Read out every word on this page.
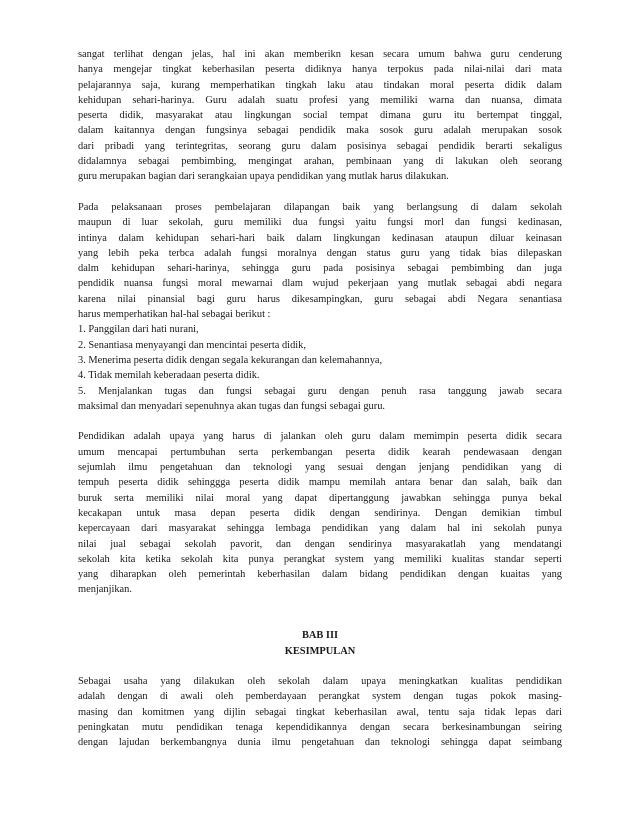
sangat terlihat dengan jelas, hal ini akan memberikn kesan secara umum bahwa guru cenderung
hanya mengejar tingkat keberhasilan peserta didiknya hanya terpokus pada nilai-nilai dari mata
pelajarannya saja, kurang memperhatikan tingkah laku atau tindakan moral peserta didik dalam
kehidupan sehari-harinya. Guru adalah suatu profesi yang memiliki warna dan nuansa, dimata
peserta didik, masyarakat atau lingkungan social tempat dimana guru itu bertempat tinggal,
dalam kaitannya dengan fungsinya sebagai pendidik maka sosok guru adalah merupakan sosok
dari pribadi yang terintegritas, seorang guru dalam posisinya sebagai pendidik berarti sekaligus
didalamnya sebagai pembimbing, mengingat arahan, pembinaan yang di lakukan oleh seorang
guru merupakan bagian dari serangkaian upaya pendidikan yang mutlak harus dilakukan.

Pada pelaksanaan proses pembelajaran dilapangan baik yang berlangsung di dalam sekolah
maupun di luar sekolah, guru memiliki dua fungsi yaitu fungsi morl dan fungsi kedinasan,
intinya dalam kehidupan sehari-hari baik dalam lingkungan kedinasan ataupun diluar keinasan
yang lebih peka terbca adalah fungsi moralnya dengan status guru yang tidak bias dilepaskan
dalm kehidupan sehari-harinya, sehingga guru pada posisinya sebagai pembimbing dan juga
pendidik nuansa fungsi moral mewarnai dlam wujud pekerjaan yang mutlak sebagai abdi negara
karena nilai pinansial bagi guru harus dikesampingkan, guru sebagai abdi Negara senantiasa
harus memperhatikan hal-hal sebagai berikut :

1. Panggilan dari hati nurani,
2. Senantiasa menyayangi dan mencintai peserta didik,
3. Menerima peserta didik dengan segala kekurangan dan kelemahannya,
4. Tidak memilah keberadaan peserta didik.
5. Menjalankan tugas dan fungsi sebagai guru dengan penuh rasa tanggung jawab secara
maksimal dan menyadari sepenuhnya akan tugas dan fungsi sebagai guru.

Pendidikan adalah upaya yang harus di jalankan oleh guru dalam memimpin peserta didik secara
umum mencapai pertumbuhan serta perkembangan peserta didik kearah pendewasaan dengan
sejumlah ilmu pengetahuan dan teknologi yang sesuai dengan jenjang pendidikan yang di
tempuh peserta didik sehinggga peserta didik mampu memilah antara benar dan salah, baik dan
buruk serta memiliki nilai moral yang dapat dipertanggung jawabkan sehingga punya bekal
kecakapan untuk masa depan peserta didik dengan sendirinya. Dengan demikian timbul
kepercayaan dari masyarakat sehingga lembaga pendidikan yang dalam hal ini sekolah punya
nilai jual sebagai sekolah pavorit, dan dengan sendirinya masyarakatlah yang mendatangi
sekolah kita ketika sekolah kita punya perangkat system yang memiliki kualitas standar seperti
yang diharapkan oleh pemerintah keberhasilan dalam bidang pendidikan dengan kuaitas yang
menjanjikan.

BAB III
KESIMPULAN

Sebagai usaha yang dilakukan oleh sekolah dalam upaya meningkatkan kualitas pendidikan
adalah dengan di awali oleh pemberdayaan perangkat system dengan tugas pokok masing-
masing dan komitmen yang dijlin sebagai tingkat keberhasilan awal, tentu saja tidak lepas dari
peningkatan mutu pendidikan tenaga kependidikannya dengan secara berkesinambungan seiring
dengan lajudan berkembangnya dunia ilmu pengetahuan dan teknologi sehingga dapat seimbang
